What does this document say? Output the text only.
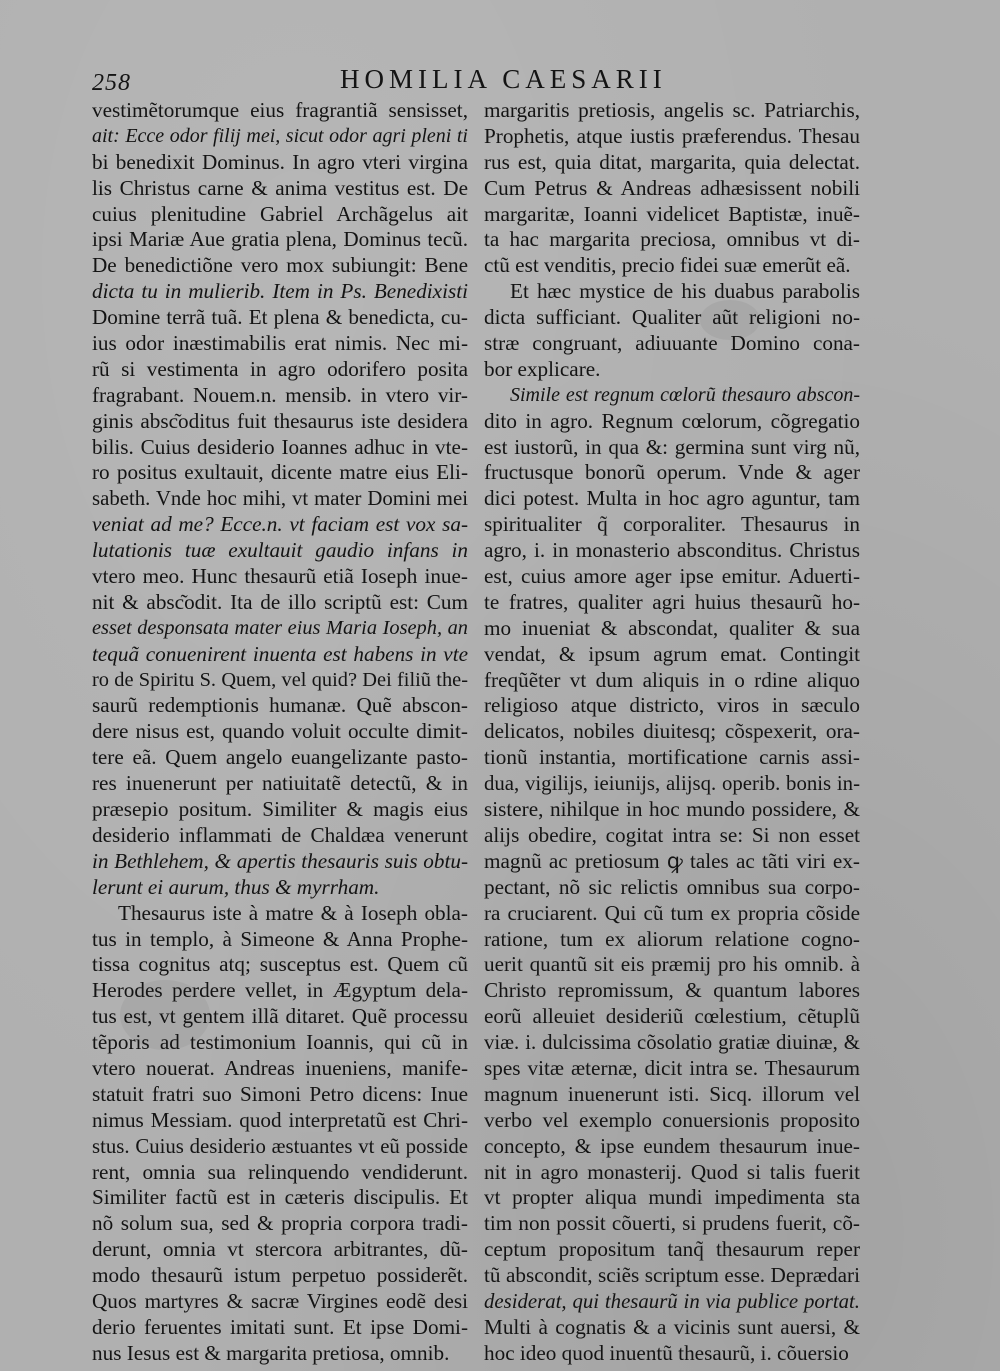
258	HOMILIA CAESARII
vestimẽtorumque eius fragrantiã sensisset,
ait: Ecce odor filij mei, sicut odor agri pleni ti
bi benedixit Dominus. In agro vteri virgina
lis Christus carne & anima vestitus est. De
cuius plenitudine Gabriel Archãgelus ait
ipsi Mariæ Aue gratia plena, Dominus tecũ.
De benedictiõne vero mox subiungit: Bene
dicta tu in mulierib. Item in Ps. Benedixisti
Domine terrã tuã. Et plena & benedicta, cu-
ius odor inæstimabilis erat nimis. Nec mi-
rũ si vestimenta in agro odorifero posita
fragrabant. Nouem.n. mensib. in vtero vir-
ginis absc͂oditus fuit thesaurus iste desidera
bilis. Cuius desiderio Ioannes adhuc in vte-
ro positus exultauit, dicente matre eius Eli-
sabeth. Vnde hoc mihi, vt mater Domini mei
veniat ad me? Ecce.n. vt faciam est vox sa-
lutationis tuæ exultauit gaudio infans in
vtero meo. Hunc thesaurũ etiã Ioseph inue-
nit & absc͂odit. Ita de illo scriptũ est: Cum
esset desponsata mater eius Maria Ioseph, an
tequã conuenirent inuenta est habens in vte
ro de Spiritu S. Quem, vel quid? Dei filiũ the-
saurũ redemptionis humanæ. Quẽ abscon-
dere nisus est, quando voluit occulte dimit-
tere eã. Quem angelo euangelizante pasto-
res inuenerunt per natiuitatẽ detectũ, & in
præsepio positum. Similiter & magis eius
desiderio inflammati de Chaldæa venerunt
in Bethlehem, & apertis thesauris suis obtu-
lerunt ei aurum, thus & myrrham.
Thesaurus iste à matre & à Ioseph obla-
tus in templo, à Simeone & Anna Prophe-
tissa cognitus atq; susceptus est. Quem cũ
Herodes perdere vellet, in Ægyptum dela-
tus est, vt gentem illã ditaret. Quẽ processu
tẽporis ad testimonium Ioannis, qui cũ in
vtero nouerat. Andreas inueniens, manife-
statuit fratri suo Simoni Petro dicens: Inue
nimus Messiam. quod interpretatũ est Chri-
stus. Cuius desiderio æstuantes vt eũ posside
rent, omnia sua relinquendo vendiderunt.
Similiter factũ est in cæteris discipulis. Et
nõ solum sua, sed & propria corpora tradi-
derunt, omnia vt stercora arbitrantes, dũ-
modo thesaurũ istum perpetuo possiderẽt.
Quos martyres & sacræ Virgines eodẽ desi
derio feruentes imitati sunt. Et ipse Domi-
nus Iesus est & margarita pretiosa, omnib.
margaritis pretiosis, angelis sc. Patriarchis,
Prophetis, atque iustis præferendus. Thesau
rus est, quia ditat, margarita, quia delectat.
Cum Petrus & Andreas adhæsissent nobili
margaritæ, Ioanni videlicet Baptistæ, inuẽ-
ta hac margarita preciosa, omnibus vt di-
ctũ est venditis, precio fidei suæ emerũt eã.
Et hæc mystice de his duabus parabolis
dicta sufficiant. Qualiter aũt religioni no-
stræ congruant, adiuuante Domino cona-
bor explicare.
Simile est regnum cœlorũ thesauro abscon-
dito in agro. Regnum cœlorum, cõgregatio
est iustorũ, in qua &: germina sunt virg nũ,
fructusque bonorũ operum. Vnde & ager
dici potest. Multa in hoc agro aguntur, tam
spiritualiter q̃ corporaliter. Thesaurus in
agro, i. in monasterio absconditus. Christus
est, cuius amore ager ipse emitur. Aduerti-
te fratres, qualiter agri huius thesaurũ ho-
mo inueniat & abscondat, qualiter & sua
vendat, & ipsum agrum emat. Contingit
freqũẽter vt dum aliquis in o rdine aliquo
religioso atque districto, viros in sæculo
delicatos, nobiles diuitesq; cõspexerit, ora-
tionũ instantia, mortificatione carnis assi-
dua, vigilijs, ieiunijs, alijsq. operib. bonis in-
sistere, nihilque in hoc mundo possidere, &
alijs obedire, cogitat intra se: Si non esset
magnũ ac pretiosum ꝙ tales ac tãti viri ex-
pectant, nõ sic relictis omnibus sua corpo-
ra cruciarent. Qui cũ tum ex propria cõside
ratione, tum ex aliorum relatione cogno-
uerit quantũ sit eis præmij pro his omnib. à
Christo repromissum, & quantum labores
eorũ alleuiet desideriũ cœlestium, cẽtuplũ
viæ. i. dulcissima cõsolatio gratiæ diuinæ, &
spes vitæ æternæ, dicit intra se. Thesaurum
magnum inuenerunt isti. Sicq. illorum vel
verbo vel exemplo conuersionis proposito
concepto, & ipse eundem thesaurum inue-
nit in agro monasterij. Quod si talis fuerit
vt propter aliqua mundi impedimenta sta
tim non possit cõuerti, si prudens fuerit, cõ-
ceptum propositum tanq̃ thesaurum reper
tũ abscondit, sciẽs scriptum esse. Deprædari
desiderat, qui thesaurũ in via publice portat.
Multi à cognatis & a vicinis sunt auersi, &
hoc ideo quod inuentũ thesaurũ, i. cõuersio
